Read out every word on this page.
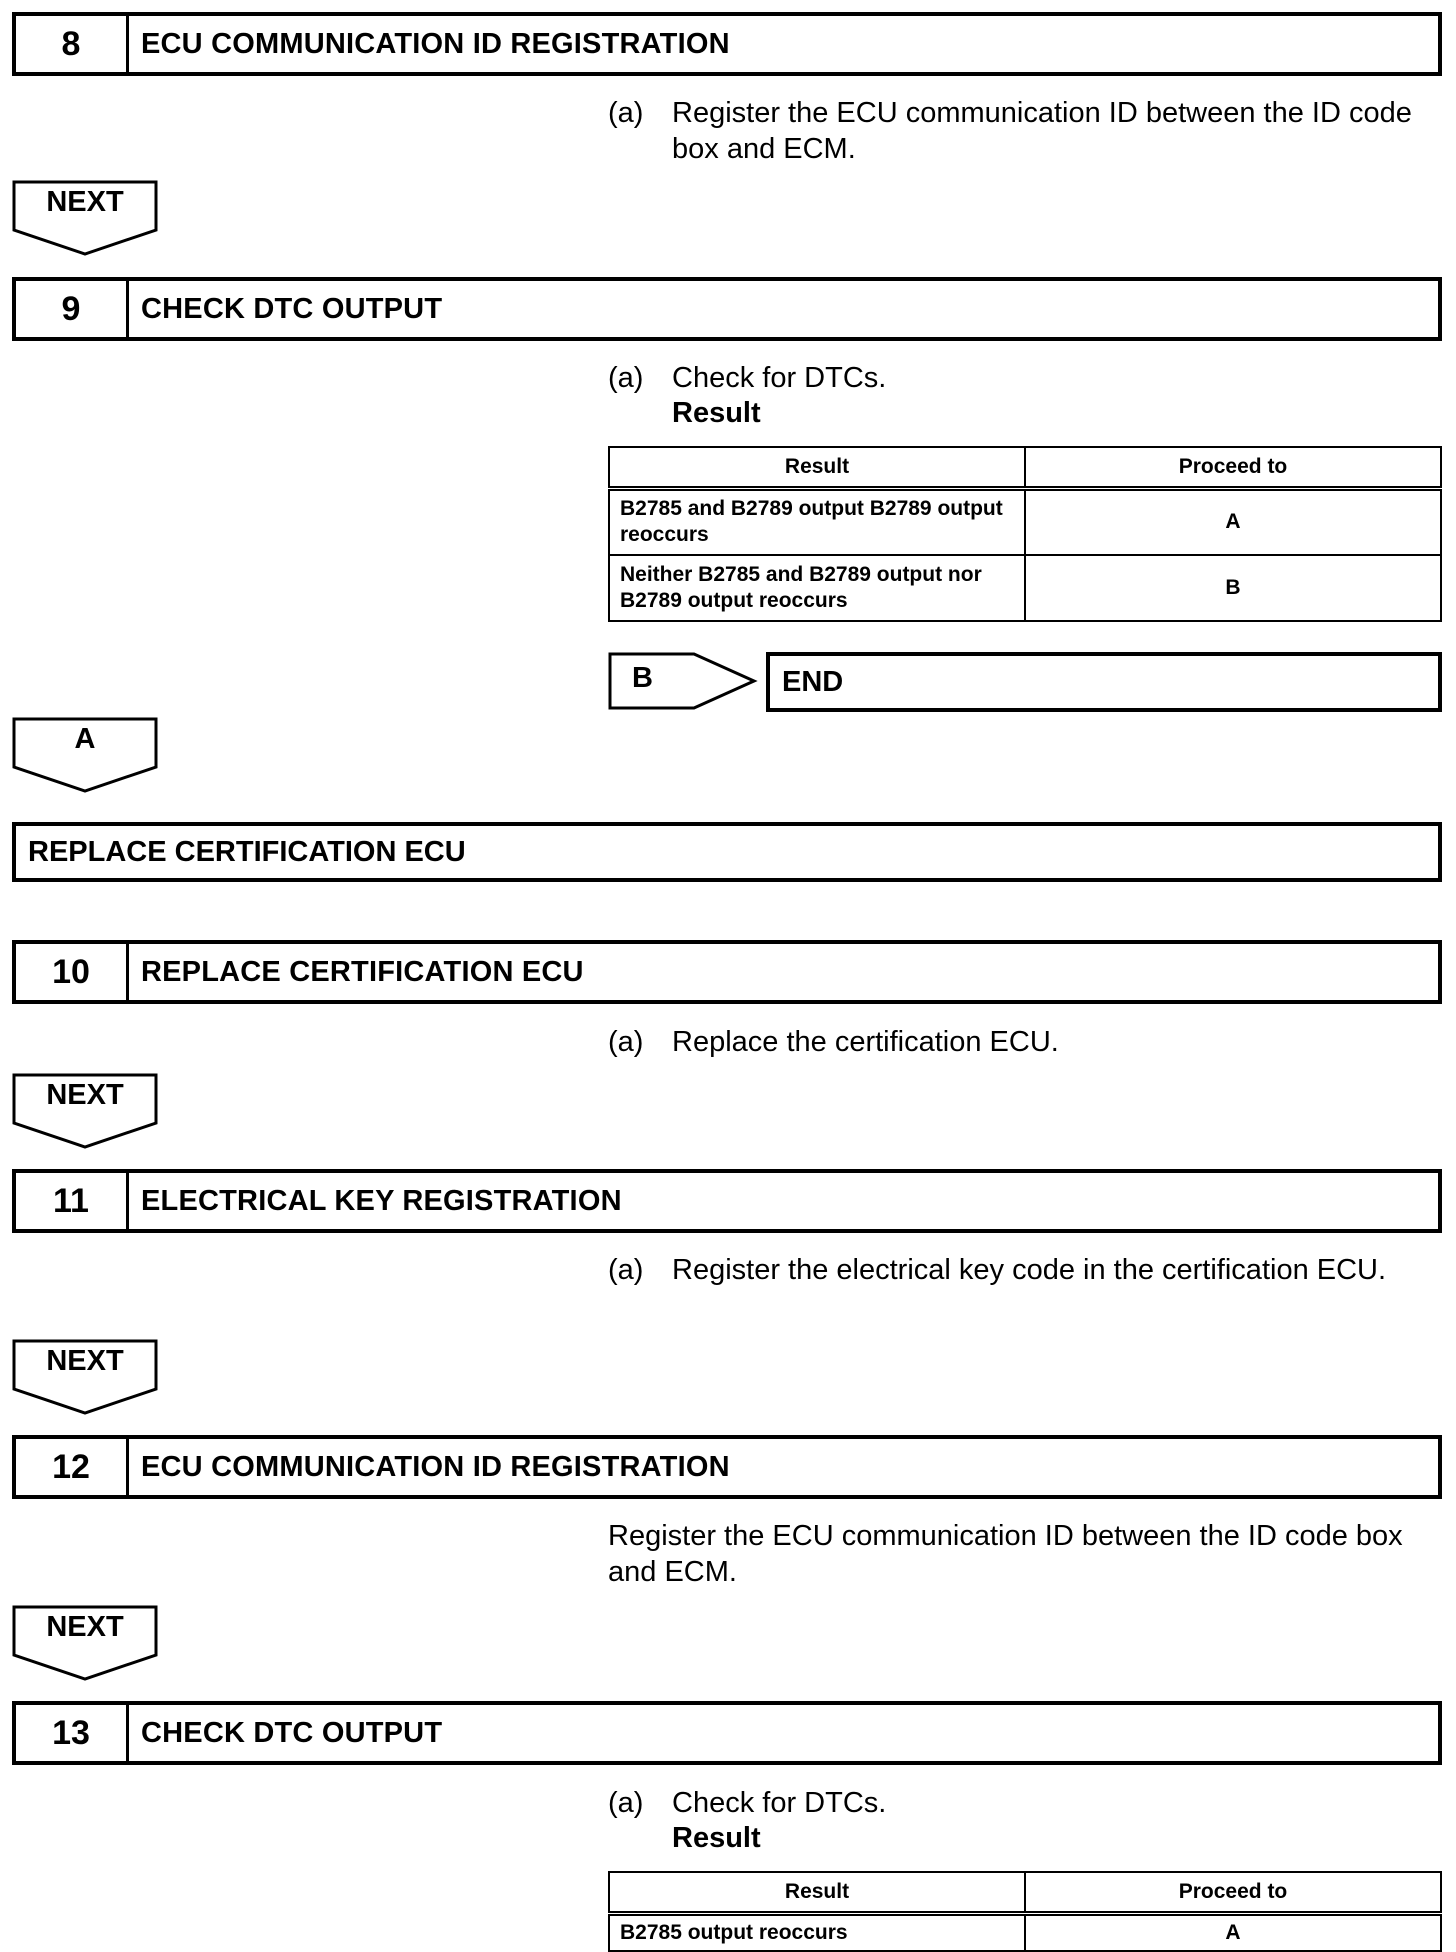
8	ECU COMMUNICATION ID REGISTRATION
(a) Register the ECU communication ID between the ID code box and ECM.
NEXT
9	CHECK DTC OUTPUT
(a) Check for DTCs.
Result
Result	Proceed to
B2785 and B2789 output B2789 output reoccurs	A
Neither B2785 and B2789 output nor B2789 output reoccurs	B
B	END
A
REPLACE CERTIFICATION ECU
10	REPLACE CERTIFICATION ECU
(a) Replace the certification ECU.
NEXT
11	ELECTRICAL KEY REGISTRATION
(a) Register the electrical key code in the certification ECU.
NEXT
12	ECU COMMUNICATION ID REGISTRATION
Register the ECU communication ID between the ID code box and ECM.
NEXT
13	CHECK DTC OUTPUT
(a) Check for DTCs.
Result
Result	Proceed to
B2785 output reoccurs	A
